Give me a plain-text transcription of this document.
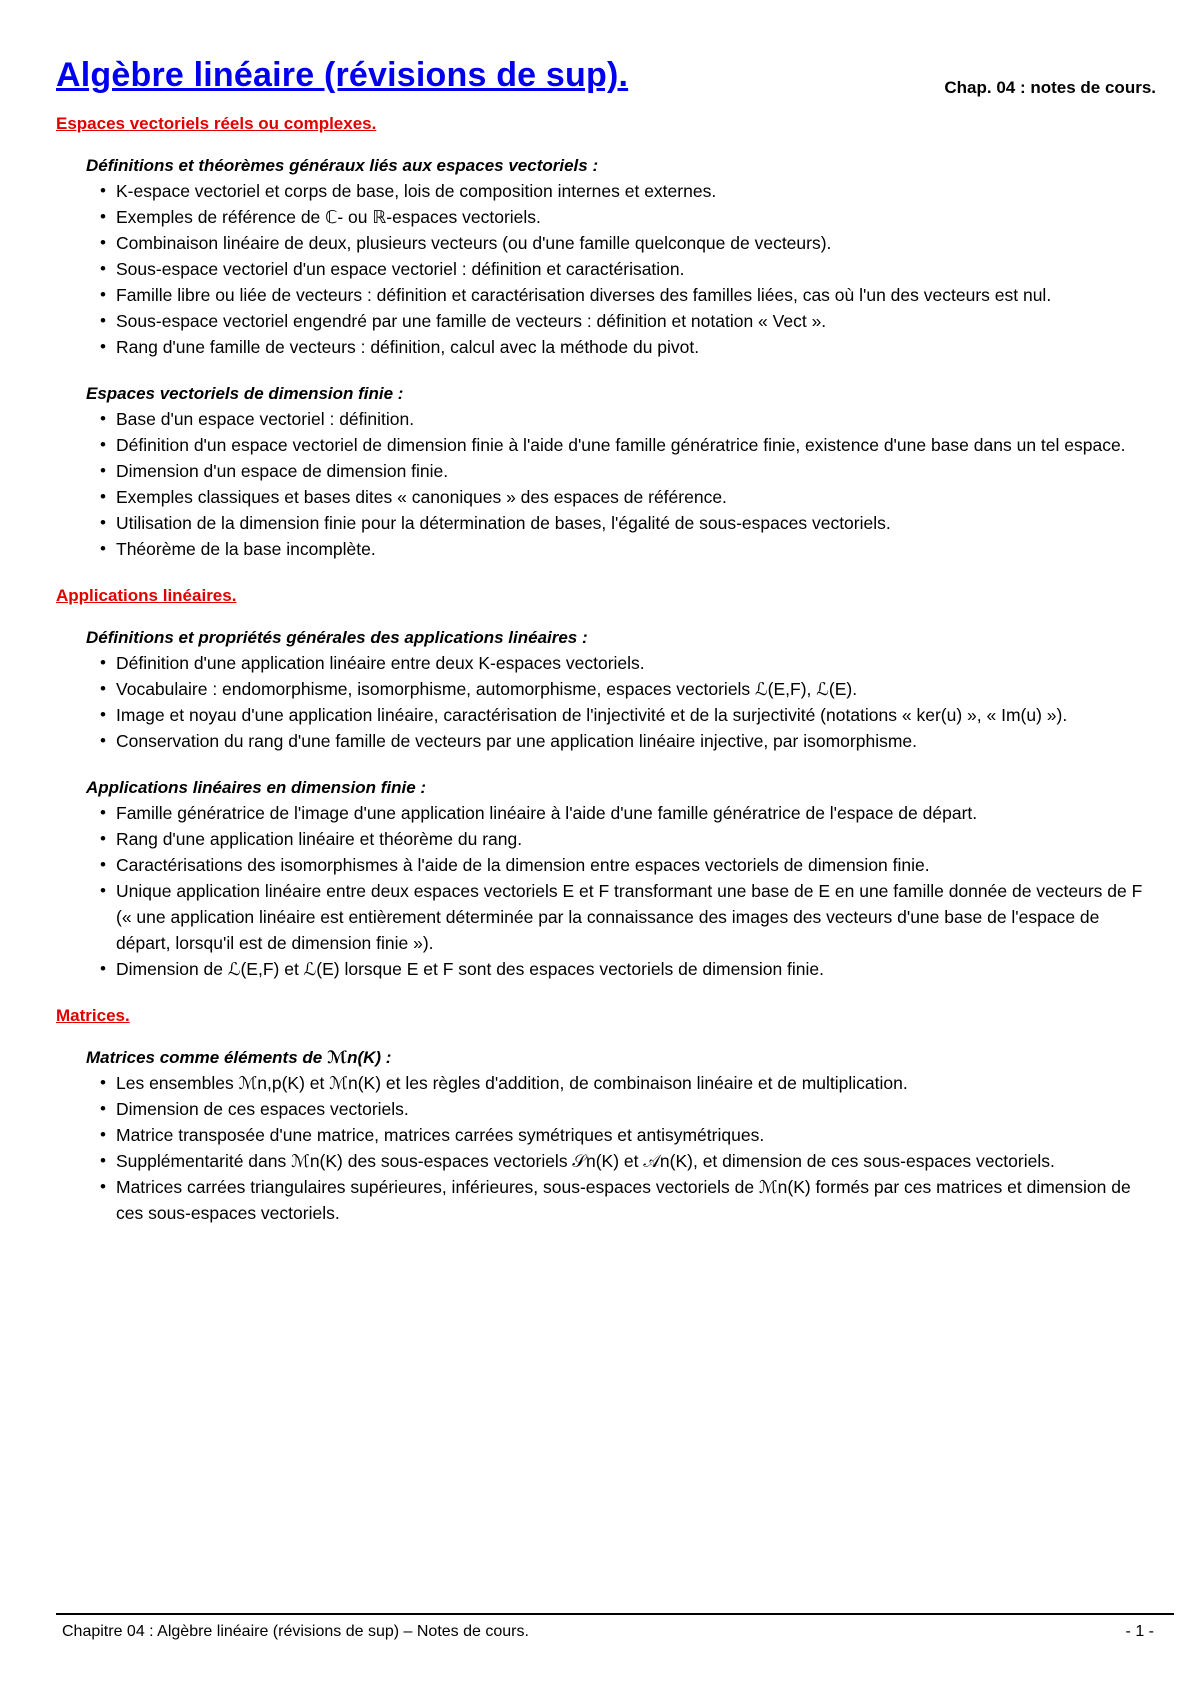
Algèbre linéaire (révisions de sup).	Chap. 04 : notes de cours.
Espaces vectoriels réels ou complexes.
Définitions et théorèmes généraux liés aux espaces vectoriels :
• K-espace vectoriel et corps de base, lois de composition internes et externes.
• Exemples de référence de ℂ- ou ℝ-espaces vectoriels.
• Combinaison linéaire de deux, plusieurs vecteurs (ou d'une famille quelconque de vecteurs).
• Sous-espace vectoriel d'un espace vectoriel : définition et caractérisation.
• Famille libre ou liée de vecteurs : définition et caractérisation diverses des familles liées, cas où l'un des vecteurs est nul.
• Sous-espace vectoriel engendré par une famille de vecteurs : définition et notation « Vect ».
• Rang d'une famille de vecteurs : définition, calcul avec la méthode du pivot.
Espaces vectoriels de dimension finie :
• Base d'un espace vectoriel : définition.
• Définition d'un espace vectoriel de dimension finie à l'aide d'une famille génératrice finie, existence d'une base dans un tel espace.
• Dimension d'un espace de dimension finie.
• Exemples classiques et bases dites « canoniques » des espaces de référence.
• Utilisation de la dimension finie pour la détermination de bases, l'égalité de sous-espaces vectoriels.
• Théorème de la base incomplète.
Applications linéaires.
Définitions et propriétés générales des applications linéaires :
• Définition d'une application linéaire entre deux K-espaces vectoriels.
• Vocabulaire : endomorphisme, isomorphisme, automorphisme, espaces vectoriels ℒ(E,F), ℒ(E).
• Image et noyau d'une application linéaire, caractérisation de l'injectivité et de la surjectivité (notations « ker(u) », « Im(u) »).
• Conservation du rang d'une famille de vecteurs par une application linéaire injective, par isomorphisme.
Applications linéaires en dimension finie :
• Famille génératrice de l'image d'une application linéaire à l'aide d'une famille génératrice de l'espace de départ.
• Rang d'une application linéaire et théorème du rang.
• Caractérisations des isomorphismes à l'aide de la dimension entre espaces vectoriels de dimension finie.
• Unique application linéaire entre deux espaces vectoriels E et F transformant une base de E en une famille donnée de vecteurs de F (« une application linéaire est entièrement déterminée par la connaissance des images des vecteurs d'une base de l'espace de départ, lorsqu'il est de dimension finie »).
• Dimension de ℒ(E,F) et ℒ(E) lorsque E et F sont des espaces vectoriels de dimension finie.
Matrices.
Matrices comme éléments de ℳn(K) :
• Les ensembles ℳn,p(K) et ℳn(K) et les règles d'addition, de combinaison linéaire et de multiplication.
• Dimension de ces espaces vectoriels.
• Matrice transposée d'une matrice, matrices carrées symétriques et antisymétriques.
• Supplémentarité dans ℳn(K) des sous-espaces vectoriels 𝒮n(K) et 𝒜n(K), et dimension de ces sous-espaces vectoriels.
• Matrices carrées triangulaires supérieures, inférieures, sous-espaces vectoriels de ℳn(K) formés par ces matrices et dimension de ces sous-espaces vectoriels.
Chapitre 04 : Algèbre linéaire (révisions de sup) – Notes de cours.	- 1 -
